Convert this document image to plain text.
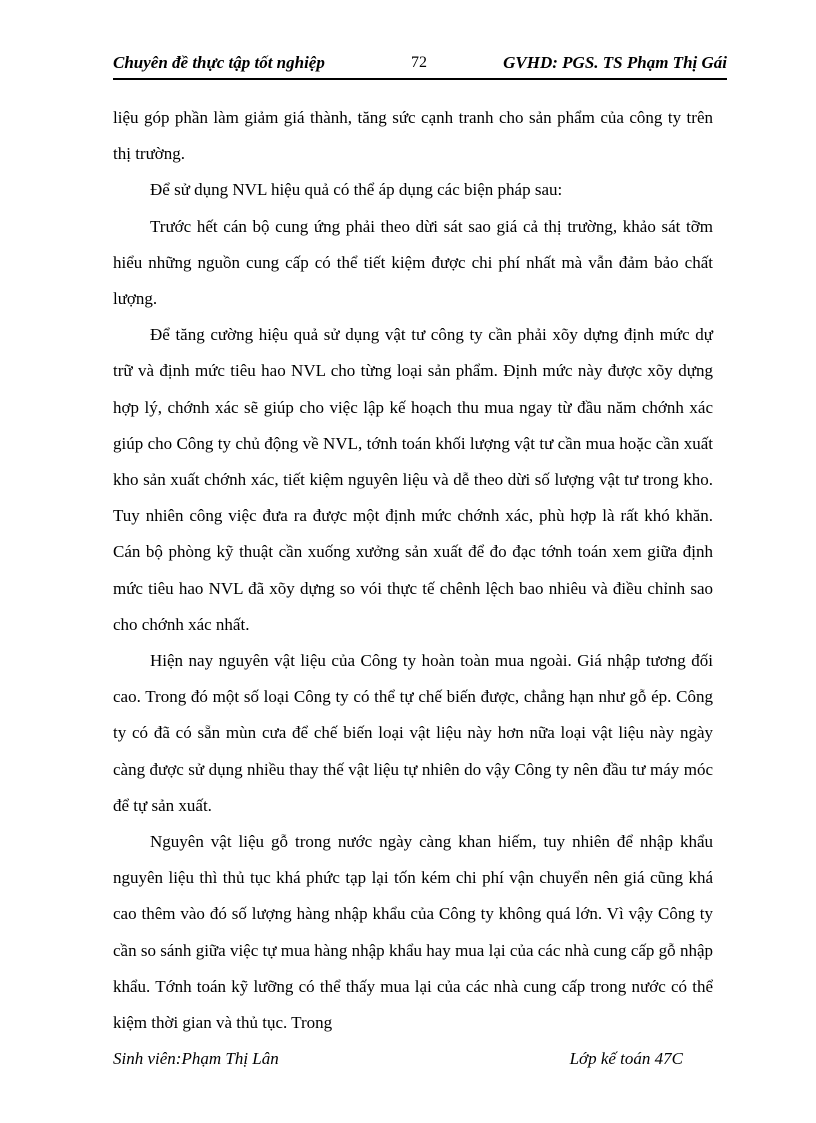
Chuyên đề thực tập tốt nghiệp	72	GVHD: PGS. TS Phạm Thị Gái

liệu góp phần làm giảm giá thành, tăng sức cạnh tranh cho sản phẩm của công ty trên thị trường.

Để sử dụng NVL hiệu quả có thể áp dụng các biện pháp sau:

Trước hết cán bộ cung ứng phải theo dừi sát sao giá cả thị trường, khảo sát tỡm hiểu những nguồn cung cấp có thể tiết kiệm được chi phí nhất mà vẫn đảm bảo chất lượng.

Để tăng cường hiệu quả sử dụng vật tư công ty cần phải xõy dựng định mức dự trữ và định mức tiêu hao NVL cho từng loại sản phẩm. Định mức này được xõy dựng hợp lý, chớnh xác sẽ giúp cho việc lập kế hoạch thu mua ngay từ đầu năm chớnh xác giúp cho Công ty chủ động về NVL, tớnh toán khối lượng vật tư cần mua hoặc cần xuất kho sản xuất chớnh xác, tiết kiệm nguyên liệu và dễ theo dừi số lượng vật tư trong kho. Tuy nhiên công việc đưa ra được một định mức chớnh xác, phù hợp là rất khó khăn. Cán bộ phòng kỹ thuật cần xuống xưởng sản xuất để đo đạc tớnh toán xem giữa định mức tiêu hao NVL đã xõy dựng so vói thực tế chênh lệch bao nhiêu và điều chỉnh sao cho chớnh xác nhất.

Hiện nay nguyên vật liệu của Công ty hoàn toàn mua ngoài. Giá nhập tương đối cao. Trong đó một số loại Công ty có thể tự chế biến được, chẳng hạn như gỗ ép. Công ty có đã có sẵn mùn cưa để chế biến loại vật liệu này hơn nữa loại vật liệu này ngày càng được sử dụng nhiều thay thế vật liệu tự nhiên do vậy Công ty nên đầu tư máy móc để tự sản xuất.

Nguyên vật liệu gỗ trong nước ngày càng khan hiếm, tuy nhiên để nhập khẩu nguyên liệu thì thủ tục khá phức tạp lại tốn kém chi phí vận chuyển nên giá cũng khá cao thêm vào đó số lượng hàng nhập khẩu của Công ty không quá lớn. Vì vậy Công ty cần so sánh giữa việc tự mua hàng nhập khẩu hay mua lại của các nhà cung cấp gỗ nhập khẩu. Tớnh toán kỹ lưỡng có thể thấy mua lại của các nhà cung cấp trong nước có thể kiệm thời gian và thủ tục. Trong

Sinh viên:Phạm Thị Lân	Lớp kế toán 47C
